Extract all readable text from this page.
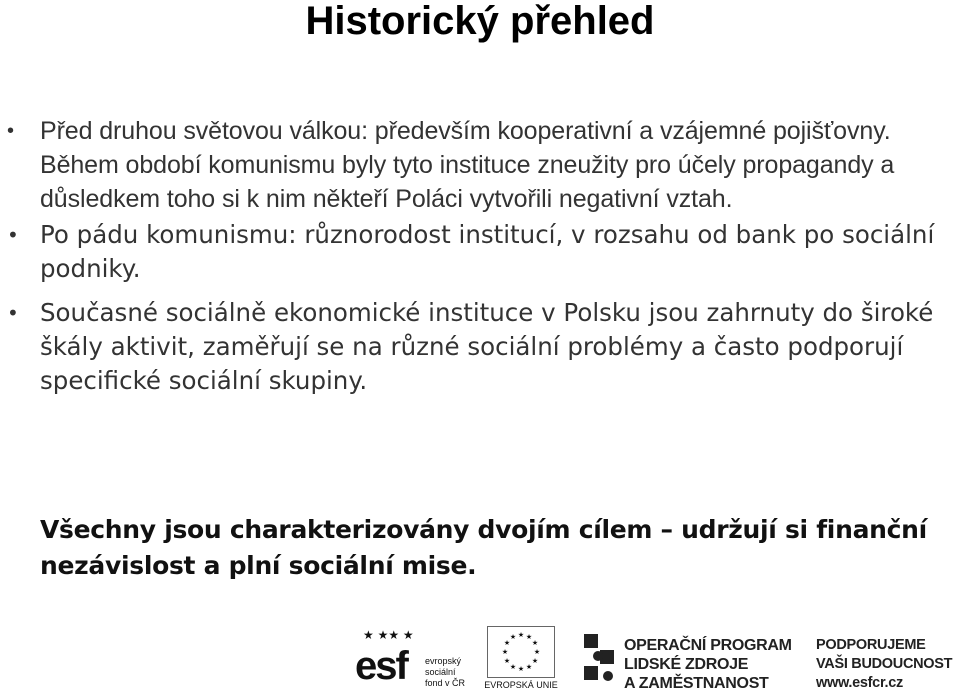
Historický přehled
• Před druhou světovou válkou: především kooperativní a vzájemné pojišťovny. Během období komunismu byly tyto instituce zneužity pro účely propagandy a důsledkem toho si k nim někteří Poláci vytvořili negativní vztah.
• Po pádu komunismu: různorodost institucí, v rozsahu od bank po sociální podniky.
• Současné sociálně ekonomické instituce v Polsku jsou zahrnuty do široké škály aktivit, zaměřují se na různé sociální problémy a často podporují specifické sociální skupiny.

Všechny jsou charakterizovány dvojím cílem – udržují si finanční nezávislost a plní sociální mise.

★ ★★ ★
esf evropský
sociální
fond v ČR
★ ★
★
★
★
★
★
★
★
★
★
★
EVROPSKÁ UNIE
OPERAČNÍ PROGRAM
LIDSKÉ ZDROJE
A ZAMĚSTNANOST
PODPORUJEME
VAŠI BUDOUCNOST
www.esfcr.cz
